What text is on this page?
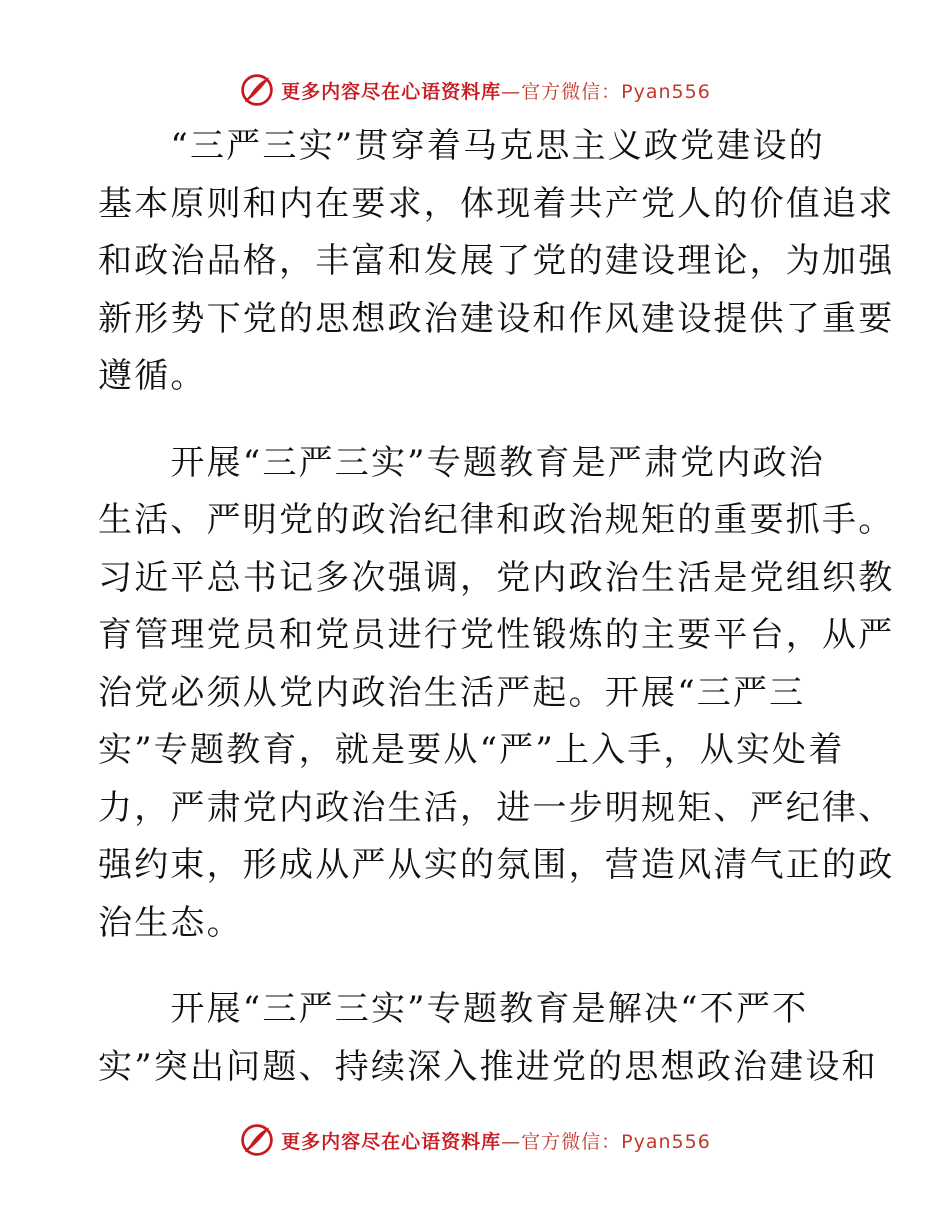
更多内容尽在心语资料库—官方微信：Pyan556
　　“三严三实”贯穿着马克思主义政党建设的
基本原则和内在要求，体现着共产党人的价值追求
和政治品格，丰富和发展了党的建设理论，为加强
新形势下党的思想政治建设和作风建设提供了重要
遵循。
　　开展“三严三实”专题教育是严肃党内政治
生活、严明党的政治纪律和政治规矩的重要抓手。
习近平总书记多次强调，党内政治生活是党组织教
育管理党员和党员进行党性锻炼的主要平台，从严
治党必须从党内政治生活严起。开展“三严三
实”专题教育，就是要从“严”上入手，从实处着
力，严肃党内政治生活，进一步明规矩、严纪律、
强约束，形成从严从实的氛围，营造风清气正的政
治生态。
　　开展“三严三实”专题教育是解决“不严不
实”突出问题、持续深入推进党的思想政治建设和
更多内容尽在心语资料库—官方微信：Pyan556
